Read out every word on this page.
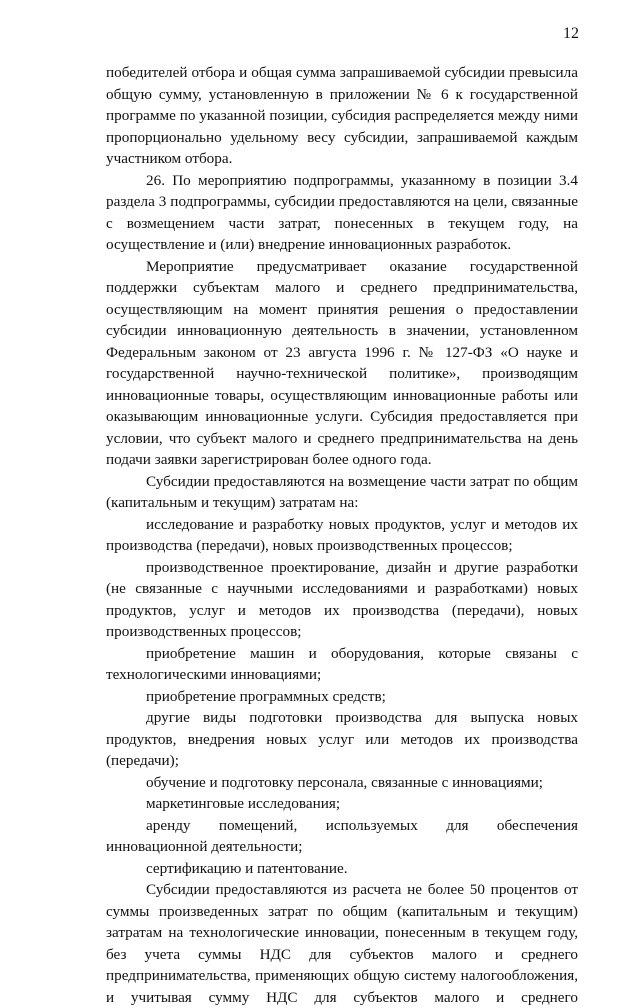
12

победителей отбора и общая сумма запрашиваемой субсидии превысила общую сумму, установленную в приложении № 6 к государственной программе по указанной позиции, субсидия распределяется между ними пропорционально удельному весу субсидии, запрашиваемой каждым участником отбора.

26. По мероприятию подпрограммы, указанному в позиции 3.4 раздела 3 подпрограммы, субсидии предоставляются на цели, связанные с возмещением части затрат, понесенных в текущем году, на осуществление и (или) внедрение инновационных разработок.

Мероприятие предусматривает оказание государственной поддержки субъектам малого и среднего предпринимательства, осуществляющим на момент принятия решения о предоставлении субсидии инновационную деятельность в значении, установленном Федеральным законом от 23 августа 1996 г. № 127-ФЗ «О науке и государственной научно-технической политике», производящим инновационные товары, осуществляющим инновационные работы или оказывающим инновационные услуги. Субсидия предоставляется при условии, что субъект малого и среднего предпринимательства на день подачи заявки зарегистрирован более одного года.

Субсидии предоставляются на возмещение части затрат по общим (капитальным и текущим) затратам на:

исследование и разработку новых продуктов, услуг и методов их производства (передачи), новых производственных процессов;

производственное проектирование, дизайн и другие разработки (не связанные с научными исследованиями и разработками) новых продуктов, услуг и методов их производства (передачи), новых производственных процессов;

приобретение машин и оборудования, которые связаны с технологическими инновациями;

приобретение программных средств;

другие виды подготовки производства для выпуска новых продуктов, внедрения новых услуг или методов их производства (передачи);

обучение и подготовку персонала, связанные с инновациями;

маркетинговые исследования;

аренду помещений, используемых для обеспечения инновационной деятельности;

сертификацию и патентование.

Субсидии предоставляются из расчета не более 50 процентов от суммы произведенных затрат по общим (капитальным и текущим) затратам на технологические инновации, понесенным в текущем году, без учета суммы НДС для субъектов малого и среднего предпринимательства, применяющих общую систему налогообложения, и учитывая сумму НДС для субъектов малого и среднего
